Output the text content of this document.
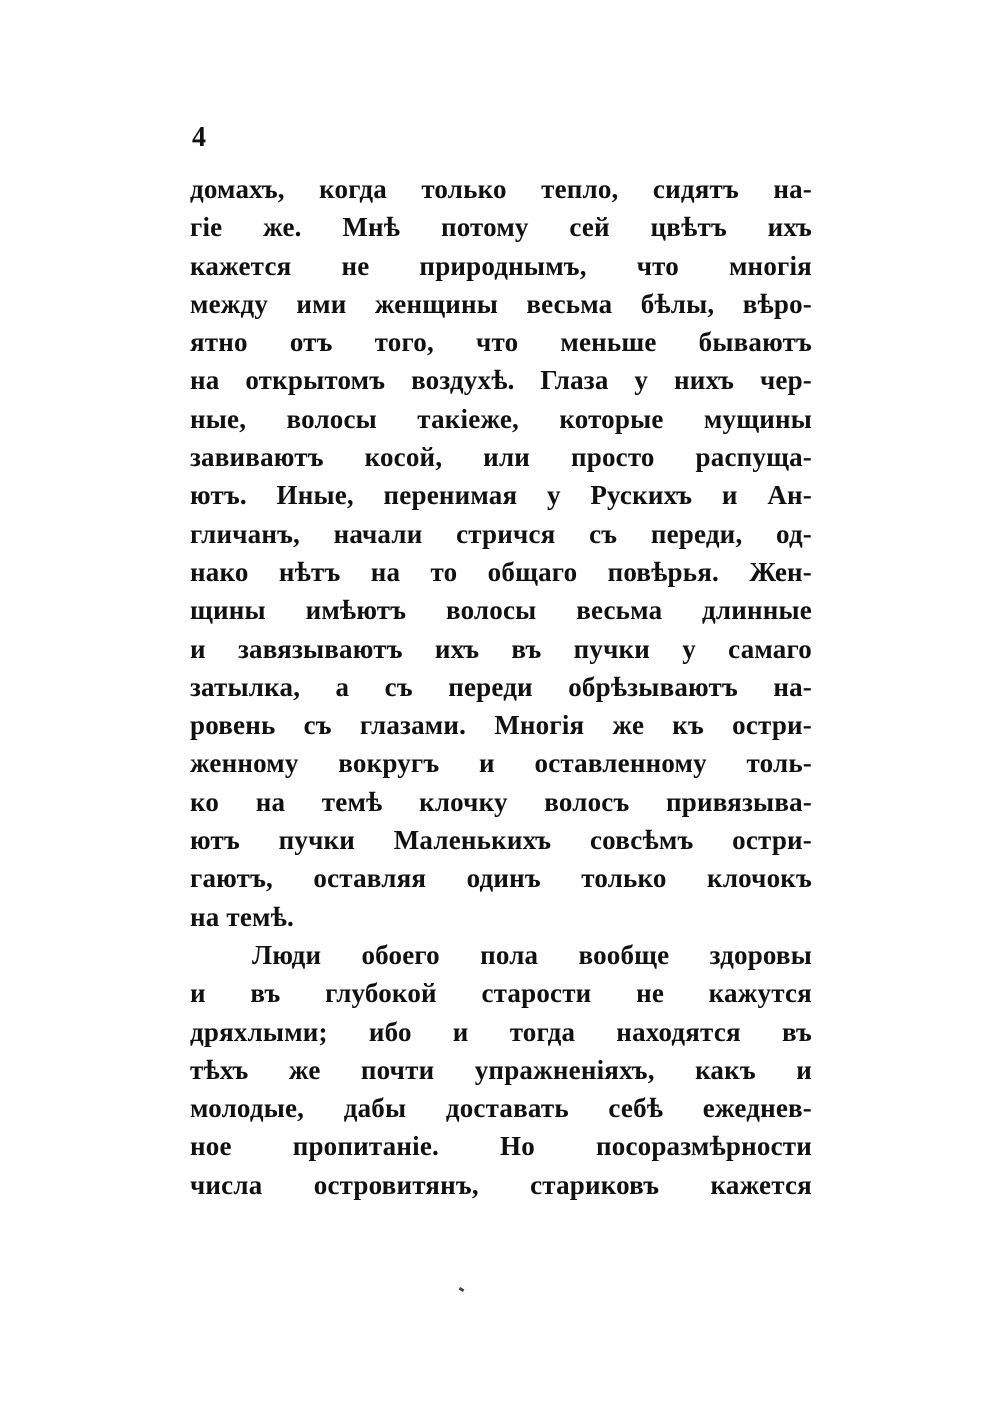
4
домахъ, когда только тепло, сидятъ на-
гіе же. Мнѣ потому сей цвѣтъ ихъ
кажется не природнымъ, что многія
между ими женщины весьма бѣлы, вѣро-
ятно отъ того, что меньше бываютъ
на открытомъ воздухѣ. Глаза у нихъ чер-
ные, волосы такіеже, которые мущины
завиваютъ косой, или просто распуща-
ютъ. Иные, перенимая у Рускихъ и Ан-
гличанъ, начали стричся съ переди, од-
нако нѣтъ на то общаго повѣрья. Жен-
щины имѣютъ волосы весьма длинные
и завязываютъ ихъ въ пучки у самаго
затылка, а съ переди обрѣзываютъ на-
ровень съ глазами. Многія же къ остри-
женному вокругъ и оставленному толь-
ко на темѣ клочку волосъ привязыва-
ютъ пучки Маленькихъ совсѣмъ остри-
гаютъ, оставляя одинъ только клочокъ
на темѣ.
Люди обоего пола вообще здоровы
и въ глубокой старости не кажутся
дряхлыми; ибо и тогда находятся въ
тѣхъ же почти упражненіяхъ, какъ и
молодые, дабы доставать себѣ ежеднев-
ное пропитаніе. Но посоразмѣрности
числа островитянъ, стариковъ кажется
